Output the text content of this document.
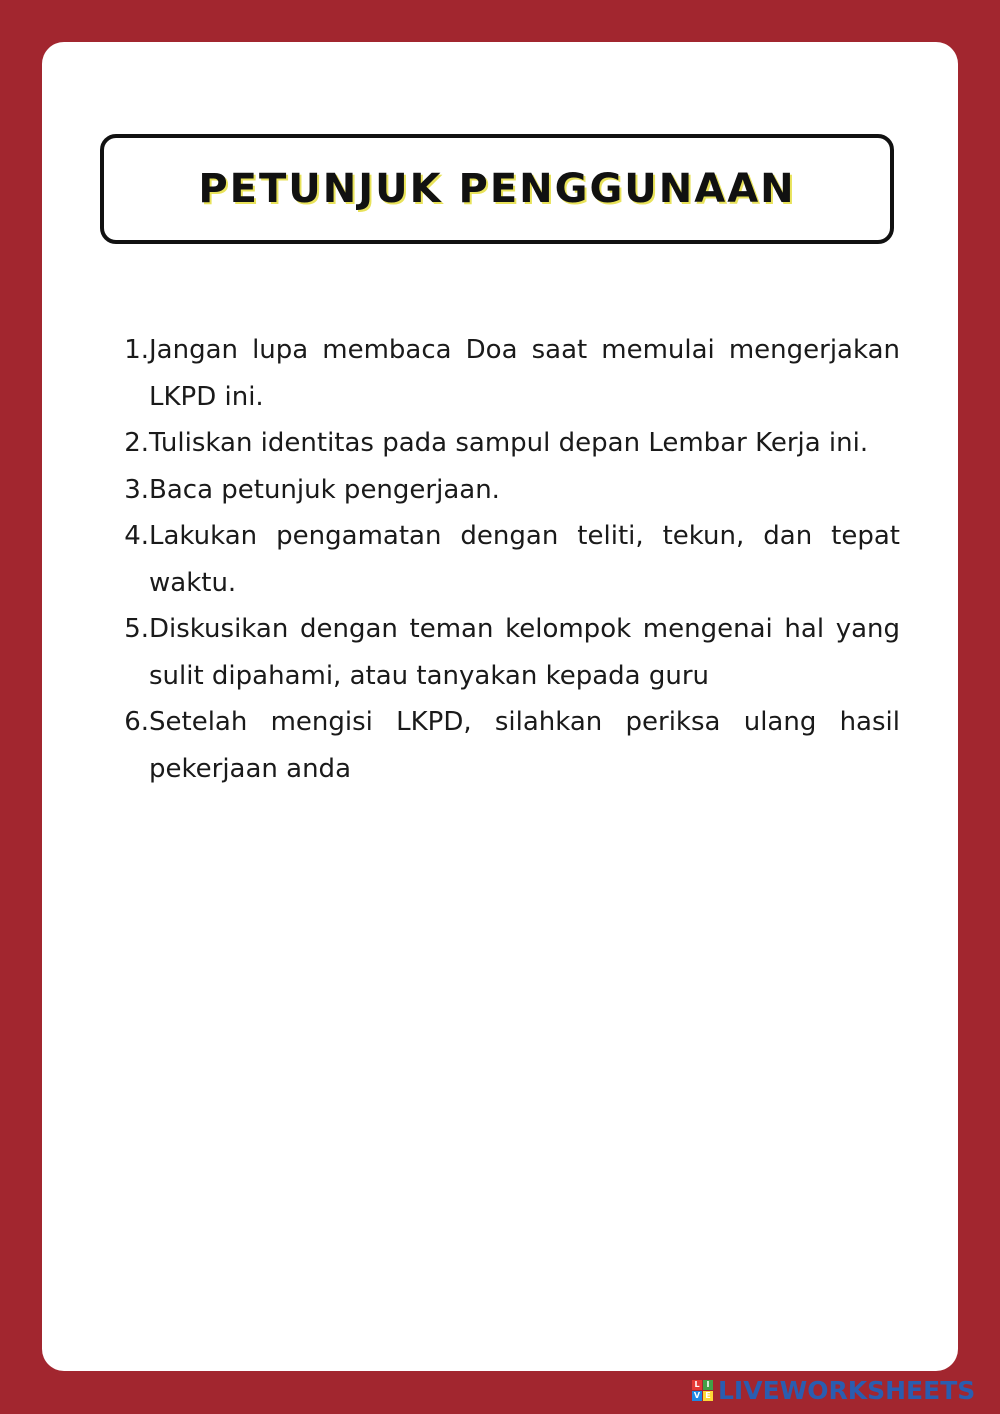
PETUNJUK PENGGUNAAN
1. Jangan lupa membaca Doa saat memulai mengerjakan LKPD ini.
2. Tuliskan identitas pada sampul depan Lembar Kerja ini.
3. Baca petunjuk pengerjaan.
4. Lakukan pengamatan dengan teliti, tekun, dan tepat waktu.
5. Diskusikan dengan teman kelompok mengenai hal yang sulit dipahami, atau tanyakan kepada guru
6. Setelah mengisi LKPD, silahkan periksa ulang hasil pekerjaan anda
L I
V E LIVEWORKSHEETS
